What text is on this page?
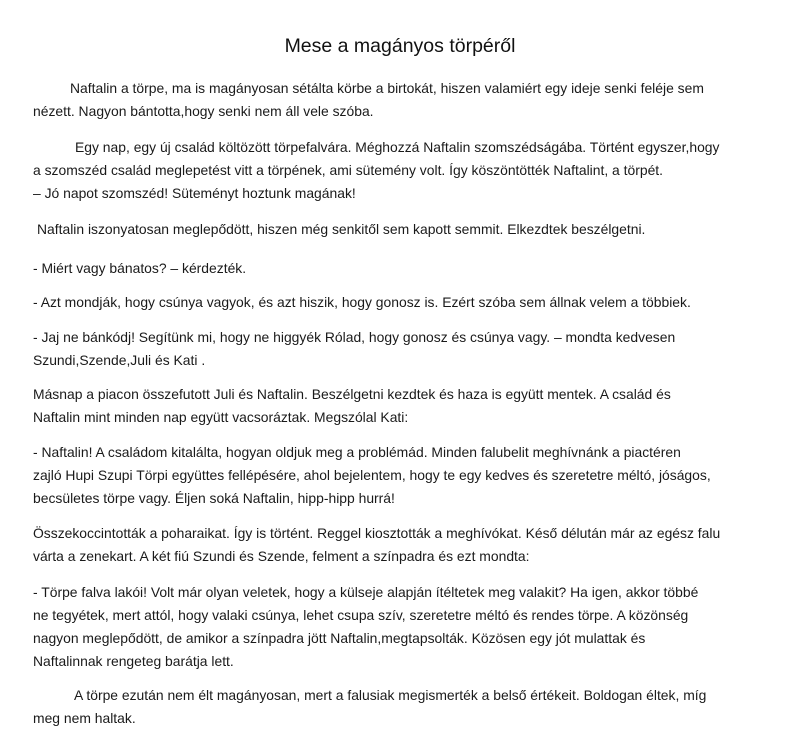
Mese a magányos törpéről

Naftalin a törpe, ma is magányosan sétálta körbe a birtokát, hiszen valamiért egy ideje senki feléje sem
nézett. Nagyon bántotta,hogy senki nem áll vele szóba.

Egy nap, egy új család költözött törpefalvára. Méghozzá Naftalin szomszédságába. Történt egyszer,hogy
a szomszéd család meglepetést vitt a törpének, ami sütemény volt. Így köszöntötték Naftalint, a törpét.
– Jó napot szomszéd! Süteményt hoztunk magának!

Naftalin iszonyatosan meglepődött, hiszen még senkitől sem kapott semmit. Elkezdtek beszélgetni.

- Miért vagy bánatos? – kérdezték.

- Azt mondják, hogy csúnya vagyok, és azt hiszik, hogy gonosz is. Ezért szóba sem állnak velem a többiek.

- Jaj ne bánkódj! Segítünk mi, hogy ne higgyék Rólad, hogy gonosz és csúnya vagy. – mondta kedvesen
Szundi,Szende,Juli és Kati .

Másnap a piacon összefutott Juli és Naftalin. Beszélgetni kezdtek és haza is együtt mentek. A család és
Naftalin mint minden nap együtt vacsoráztak. Megszólal Kati:

- Naftalin! A családom kitalálta, hogyan oldjuk meg a problémád. Minden falubelit meghívnánk a piactéren
zajló Hupi Szupi Törpi együttes fellépésére, ahol bejelentem, hogy te egy kedves és szeretetre méltó, jóságos,
becsületes törpe vagy. Éljen soká Naftalin, hipp-hipp hurrá!

Összekoccintották a poharaikat. Így is történt. Reggel kiosztották a meghívókat. Késő délután már az egész falu
várta a zenekart. A két fiú Szundi és Szende, felment a színpadra és ezt mondta:

- Törpe falva lakói! Volt már olyan veletek, hogy a külseje alapján ítéltetek meg valakit? Ha igen, akkor többé
ne tegyétek, mert attól, hogy valaki csúnya, lehet csupa szív, szeretetre méltó és rendes törpe. A közönség
nagyon meglepődött, de amikor a színpadra jött Naftalin,megtapsolták. Közösen egy jót mulattak és
Naftalinnak rengeteg barátja lett.

A törpe ezután nem élt magányosan, mert a falusiak megismerték a belső értékeit. Boldogan éltek, míg
meg nem haltak.
